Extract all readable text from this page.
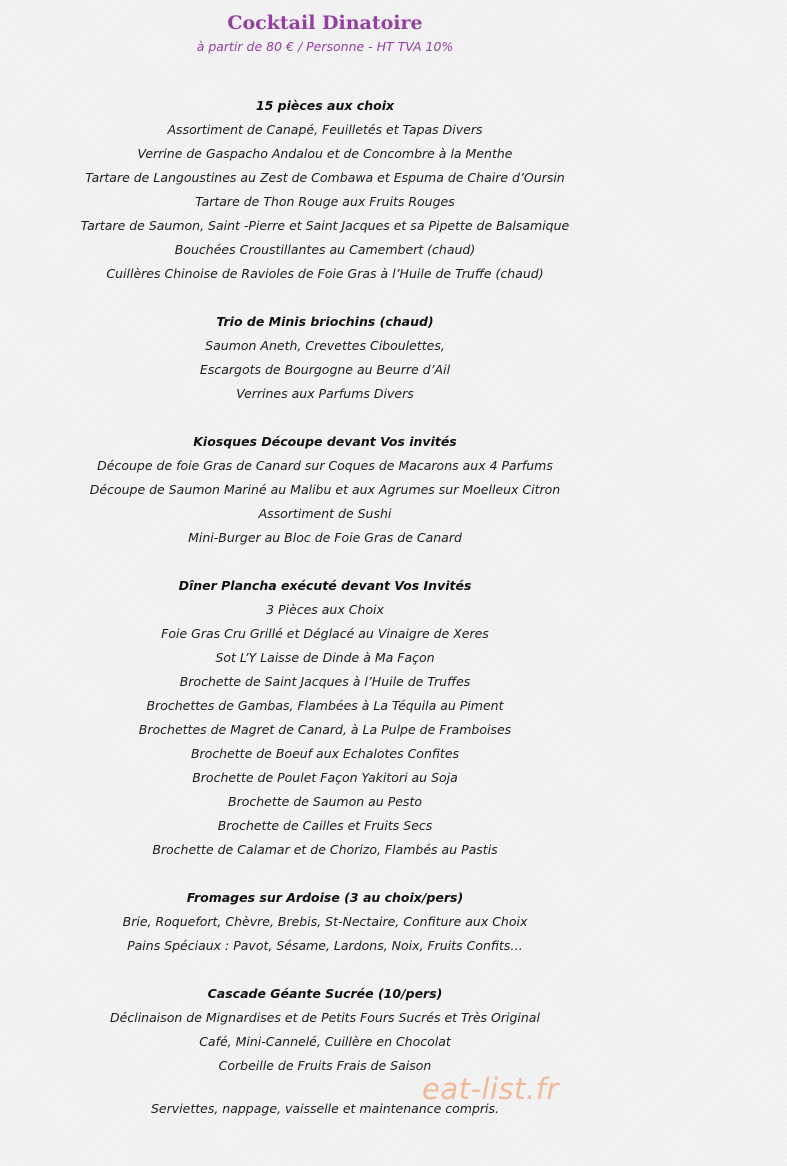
Cocktail Dinatoire
à partir de 80 € / Personne - HT TVA 10%
15 pièces aux choix
Assortiment de Canapé, Feuilletés et Tapas Divers
Verrine de Gaspacho Andalou et de Concombre à la Menthe
Tartare de Langoustines au Zest de Combawa et Espuma de Chaire d’Oursin
Tartare de Thon Rouge aux Fruits Rouges
Tartare de Saumon, Saint -Pierre et Saint Jacques et sa Pipette de Balsamique
Bouchées Croustillantes au Camembert (chaud)
Cuillères Chinoise de Ravioles de Foie Gras à l’Huile de Truffe (chaud)
Trio de Minis briochins (chaud)
Saumon Aneth, Crevettes Ciboulettes,
Escargots de Bourgogne au Beurre d’Ail
Verrines aux Parfums Divers
Kiosques Découpe devant Vos invités
Découpe de foie Gras de Canard sur Coques de Macarons aux 4 Parfums
Découpe de Saumon Mariné au Malibu et aux Agrumes sur Moelleux Citron
Assortiment de Sushi
Mini-Burger au Bloc de Foie Gras de Canard
Dîner Plancha exécuté devant Vos Invités
3 Pièces aux Choix
Foie Gras Cru Grillé et Déglacé au Vinaigre de Xeres
Sot L’Y Laisse de Dinde à Ma Façon
Brochette de Saint Jacques à l’Huile de Truffes
Brochettes de Gambas, Flambées à La Téquila au Piment
Brochettes de Magret de Canard, à La Pulpe de Framboises
Brochette de Boeuf aux Echalotes Confites
Brochette de Poulet Façon Yakitori au Soja
Brochette de Saumon au Pesto
Brochette de Cailles et Fruits Secs
Brochette de Calamar et de Chorizo, Flambés au Pastis
Fromages sur Ardoise (3 au choix/pers)
Brie, Roquefort, Chèvre, Brebis, St-Nectaire, Confiture aux Choix
Pains Spéciaux : Pavot, Sésame, Lardons, Noix, Fruits Confits…
Cascade Géante Sucrée (10/pers)
Déclinaison de Mignardises et de Petits Fours Sucrés et Très Original
Café, Mini-Cannelé, Cuillère en Chocolat
Corbeille de Fruits Frais de Saison
Serviettes, nappage, vaisselle et maintenance compris.
eat-list.fr
